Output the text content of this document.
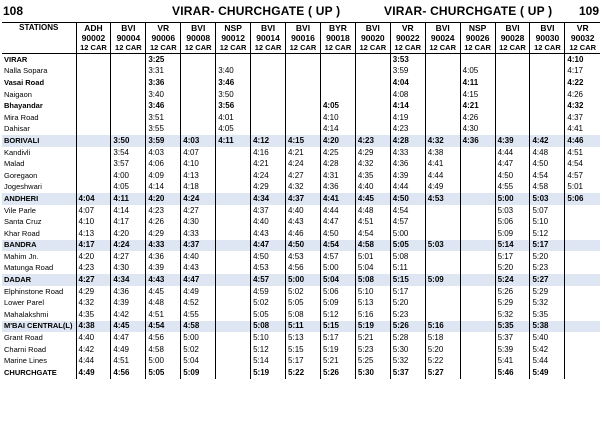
108	VIRAR- CHURCHGATE ( UP )	VIRAR- CHURCHGATE ( UP ) 109
STATIONS	ADH	BVI	VR	BVI	NSP	BVI	BVI	BYR	BVI	VR	BVI	NSP	BVI	BVI	VR
	90002	90004	90006	90008	90012	90014	90016	90018	90020	90022	90024	90026	90028	90030	90032
	12 CAR	12 CAR	12 CAR	12 CAR	12 CAR	12 CAR	12 CAR	12 CAR	12 CAR	12 CAR	12 CAR	12 CAR	12 CAR	12 CAR	12 CAR
VIRAR			3:25							3:53					4:10
Nalla Sopara			3:31		3:40					3:59		4:05			4:17
Vasai Road			3:36		3:46					4:04		4:11			4:22
Naigaon			3:40		3:50					4:08		4:15			4:26
Bhayandar			3:46		3:56			4:05		4:14		4:21			4:32
Mira Road			3:51		4:01			4:10		4:19		4:26			4:37
Dahisar			3:55		4:05			4:14		4:23		4:30			4:41
BORIVALI		3:50	3:59	4:03	4:11	4:12	4:15	4:20	4:23	4:28	4:32	4:36	4:39	4:42	4:46
Kandivli		3:54	4:03	4:07		4:16	4:21	4:25	4:29	4:33	4:38		4:44	4:48	4:51
Malad		3:57	4:06	4:10		4:21	4:24	4:28	4:32	4:36	4:41		4:47	4:50	4:54
Goregaon		4:00	4:09	4:13		4:24	4:27	4:31	4:35	4:39	4:44		4:50	4:54	4:57
Jogeshwari		4:05	4:14	4:18		4:29	4:32	4:36	4:40	4:44	4:49		4:55	4:58	5:01
ANDHERI	4:04	4:11	4:20	4:24		4:34	4:37	4:41	4:45	4:50	4:53		5:00	5:03	5:06
Vile Parle	4:07	4:14	4:23	4:27		4:37	4:40	4:44	4:48	4:54			5:03	5:07	
Santa Cruz	4:10	4:17	4:26	4:30		4:40	4:43	4:47	4:51	4:57			5:06	5:10	
Khar Road	4:13	4:20	4:29	4:33		4:43	4:46	4:50	4:54	5:00			5:09	5:12	
BANDRA	4:17	4:24	4:33	4:37		4:47	4:50	4:54	4:58	5:05	5:03		5:14	5:17	
Mahim Jn.	4:20	4:27	4:36	4:40		4:50	4:53	4:57	5:01	5:08			5:17	5:20	
Matunga Road	4:23	4:30	4:39	4:43		4:53	4:56	5:00	5:04	5:11			5:20	5:23	
DADAR	4:27	4:34	4:43	4:47		4:57	5:00	5:04	5:08	5:15	5:09		5:24	5:27	
Elphinstone Road	4:29	4:36	4:45	4:49		4:59	5:02	5:06	5:10	5:17			5:26	5:29	
Lower Parel	4:32	4:39	4:48	4:52		5:02	5:05	5:09	5:13	5:20			5:29	5:32	
Mahalakshmi	4:35	4:42	4:51	4:55		5:05	5:08	5:12	5:16	5:23			5:32	5:35	
M'BAI CENTRAL(L)	4:38	4:45	4:54	4:58		5:08	5:11	5:15	5:19	5:26	5:16		5:35	5:38	
Grant Road	4:40	4:47	4:56	5:00		5:10	5:13	5:17	5:21	5:28	5:18		5:37	5:40	
Charni Road	4:42	4:49	4:58	5:02		5:12	5:15	5:19	5:23	5:30	5:20		5:39	5:42	
Marine Lines	4:44	4:51	5:00	5:04		5:14	5:17	5:21	5:25	5:32	5:22		5:41	5:44	
CHURCHGATE	4:49	4:56	5:05	5:09		5:19	5:22	5:26	5:30	5:37	5:27		5:46	5:49	
